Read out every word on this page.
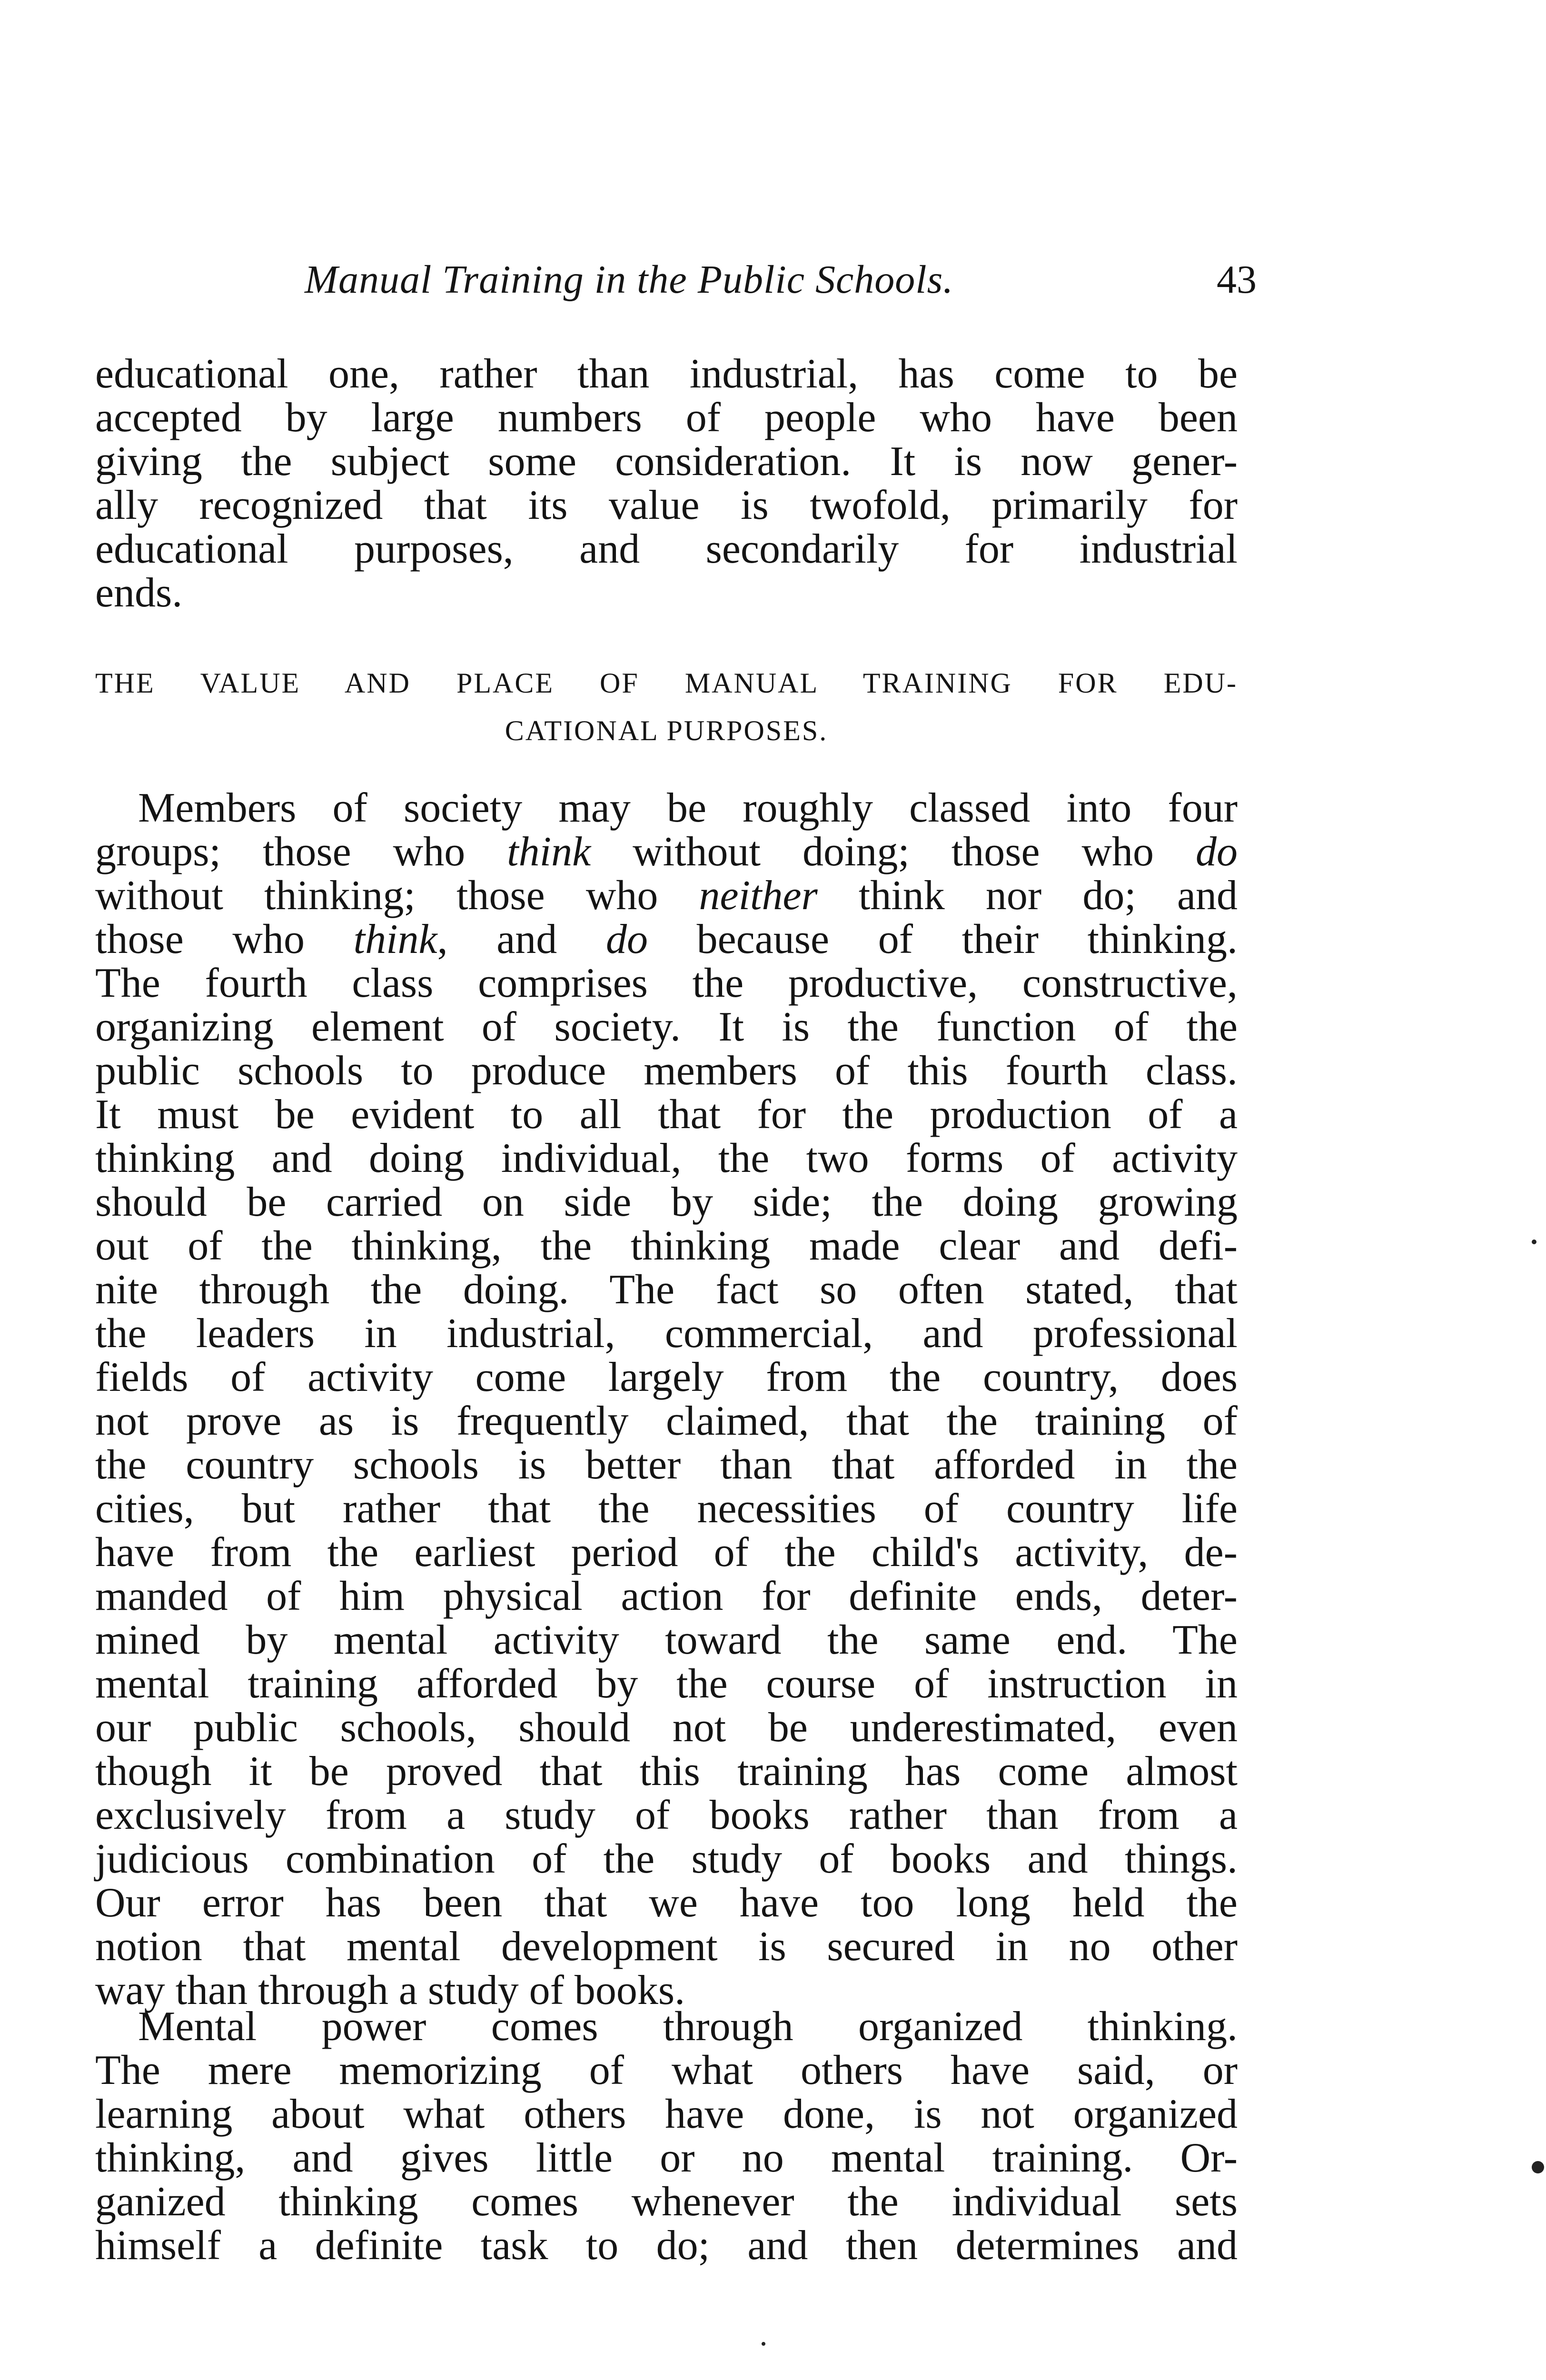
Manual Training in the Public Schools.	43
educational one, rather than industrial, has come to be
accepted by large numbers of people who have been
giving the subject some consideration. It is now gener-
ally recognized that its value is twofold, primarily for
educational purposes, and secondarily for industrial
ends.
THE VALUE AND PLACE OF MANUAL TRAINING FOR EDU-
CATIONAL PURPOSES.
Members of society may be roughly classed into four
groups; those who think without doing; those who do
without thinking; those who neither think nor do; and
those who think, and do because of their thinking.
The fourth class comprises the productive, constructive,
organizing element of society. It is the function of the
public schools to produce members of this fourth class.
It must be evident to all that for the production of a
thinking and doing individual, the two forms of activity
should be carried on side by side; the doing growing
out of the thinking, the thinking made clear and defi-
nite through the doing. The fact so often stated, that
the leaders in industrial, commercial, and professional
fields of activity come largely from the country, does
not prove as is frequently claimed, that the training of
the country schools is better than that afforded in the
cities, but rather that the necessities of country life
have from the earliest period of the child's activity, de-
manded of him physical action for definite ends, deter-
mined by mental activity toward the same end. The
mental training afforded by the course of instruction in
our public schools, should not be underestimated, even
though it be proved that this training has come almost
exclusively from a study of books rather than from a
judicious combination of the study of books and things.
Our error has been that we have too long held the
notion that mental development is secured in no other
way than through a study of books.
Mental power comes through organized thinking.
The mere memorizing of what others have said, or
learning about what others have done, is not organized
thinking, and gives little or no mental training. Or-
ganized thinking comes whenever the individual sets
himself a definite task to do; and then determines and
